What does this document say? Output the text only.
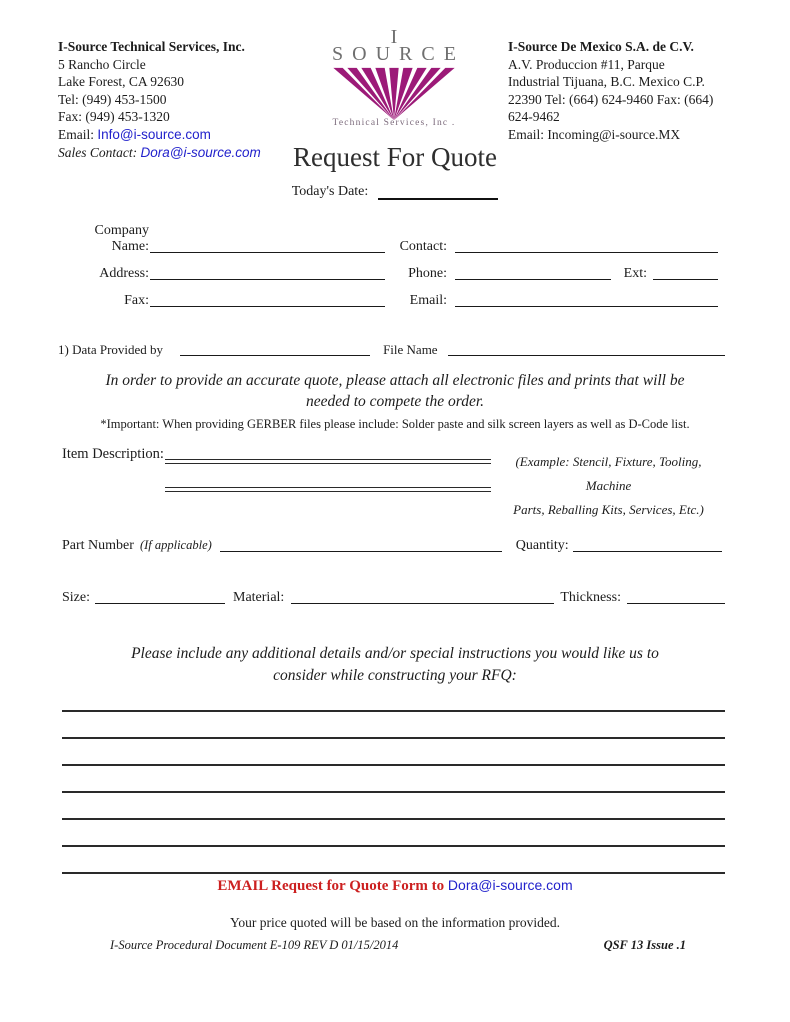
I-Source Technical Services, Inc.
5 Rancho Circle
Lake Forest, CA 92630
Tel: (949) 453-1500
Fax: (949) 453-1320
Email: Info@i-source.com
Sales Contact: Dora@i-source.com
I
SOURCE
Technical Services, Inc .
I-Source De Mexico S.A. de C.V.
A.V. Produccion #11, Parque
Industrial Tijuana, B.C. Mexico C.P.
22390 Tel: (664) 624-9460 Fax: (664)
624-9462
Email: Incoming@i-source.MX
Request For Quote
Today's Date:
Company Name:	Contact:
Address:	Phone:	Ext:
Fax:	Email:
1) Data Provided by	File Name
In order to provide an accurate quote, please attach all electronic files and prints that will be needed to compete the order.
*Important: When providing GERBER files please include: Solder paste and silk screen layers as well as D-Code list.
Item Description:	(Example: Stencil, Fixture, Tooling, Machine
Parts, Reballing Kits, Services, Etc.)
Part Number (If applicable)	Quantity:
Size:	Material:	Thickness:
Please include any additional details and/or special instructions you would like us to consider while constructing your RFQ:
EMAIL Request for Quote Form to Dora@i-source.com
Your price quoted will be based on the information provided.
I-Source Procedural Document E-109 REV D 01/15/2014	QSF 13 Issue .1
